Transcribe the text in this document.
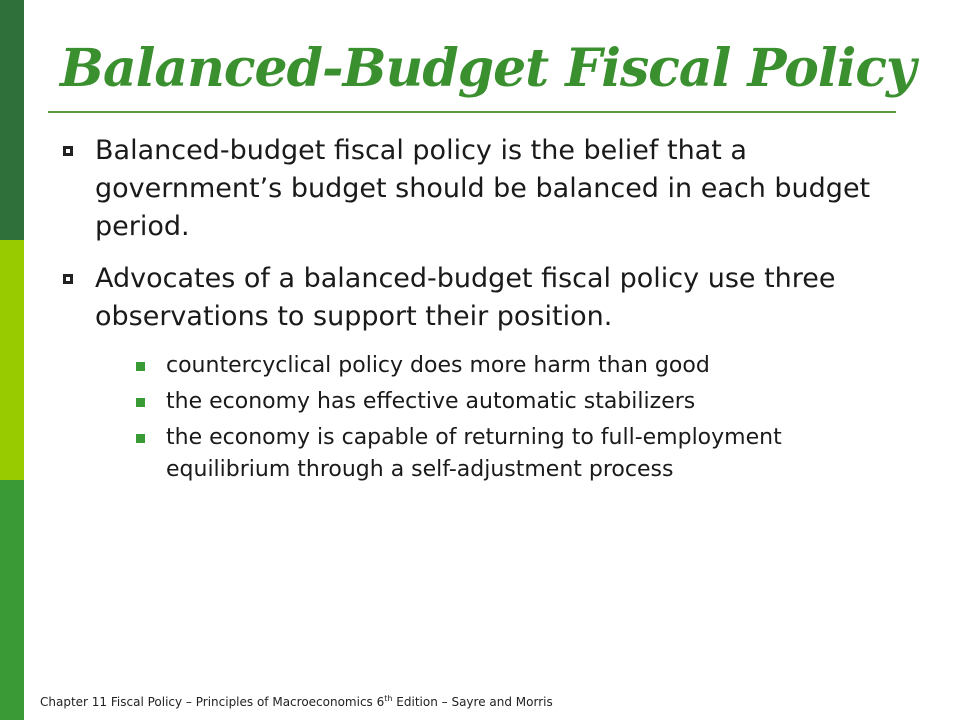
Balanced-Budget Fiscal Policy
Balanced-budget fiscal policy is the belief that a government’s budget should be balanced in each budget period.
Advocates of a balanced-budget fiscal policy use three observations to support their position.
countercyclical policy does more harm than good
the economy has effective automatic stabilizers
the economy is capable of returning to full-employment equilibrium through a self-adjustment process
Chapter 11 Fiscal Policy – Principles of Macroeconomics 6th Edition – Sayre and Morris
